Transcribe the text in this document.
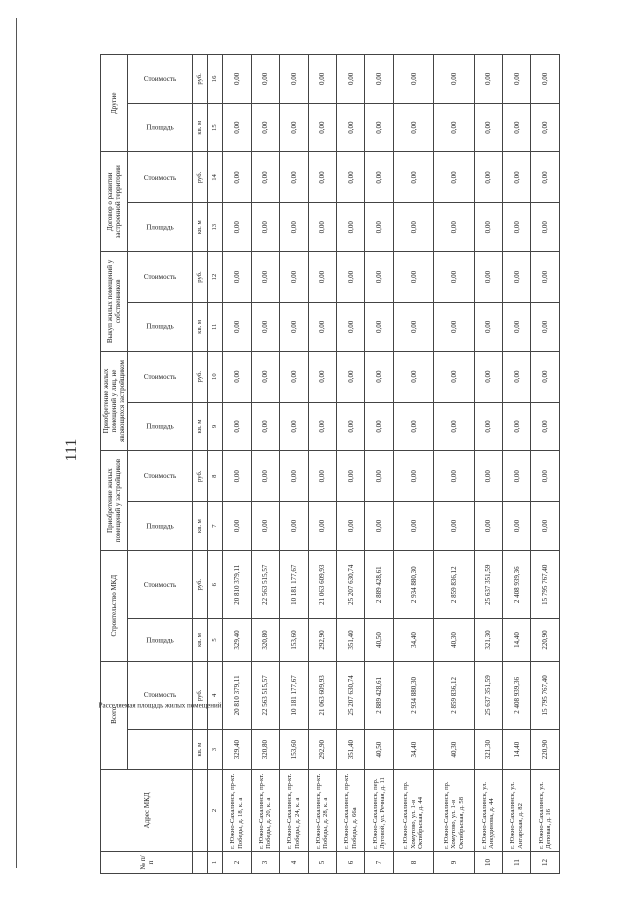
111
№ п/п	Адрес МКД	Всего		Строительство МКД		Приобретение жилых помещений у застройщиков		Приобретение жилых помещений у лиц, не являющихся застройщиком		Выкуп жилых помещений у собственников		Договор о развитии застроенной территории		Другие	
		Расселяемая площадь жилых помещений	Стоимость	Площадь	Стоимость	Площадь	Стоимость	Площадь	Стоимость	Площадь	Стоимость	Площадь	Стоимость	Площадь	Стоимость
		кв. м	руб.	кв. м	руб.	кв. м	руб.	кв. м	руб.	кв. м	руб.	кв. м	руб.	кв. м	руб.
1	2	3	4	5	6	7	8	9	10	11	12	13	14	15	16
2	г. Южно-Сахалинск, пр-кт. Победы, д. 18, к. а	329,40	20 810 379,11	329,40	20 810 379,11	0,00	0,00	0,00	0,00	0,00	0,00	0,00	0,00	0,00	0,00
3	г. Южно-Сахалинск, пр-кт. Победы, д. 20, к. а	320,80	22 563 515,57	320,80	22 563 515,57	0,00	0,00	0,00	0,00	0,00	0,00	0,00	0,00	0,00	0,00
4	г. Южно-Сахалинск, пр-кт. Победы, д. 24, к. а	153,60	10 181 177,67	153,60	10 181 177,67	0,00	0,00	0,00	0,00	0,00	0,00	0,00	0,00	0,00	0,00
5	г. Южно-Сахалинск, пр-кт. Победы, д. 28, к. а	292,90	21 063 609,93	292,90	21 063 609,93	0,00	0,00	0,00	0,00	0,00	0,00	0,00	0,00	0,00	0,00
6	г. Южно-Сахалинск, пр-кт. Победы, д. 66а	351,40	25 207 630,74	351,40	25 207 630,74	0,00	0,00	0,00	0,00	0,00	0,00	0,00	0,00	0,00	0,00
7	г. Южно-Сахалинск, пер. Луговой, ул. Речная, д. 11	40,50	2 889 428,61	40,50	2 889 428,61	0,00	0,00	0,00	0,00	0,00	0,00	0,00	0,00	0,00	0,00
8	г. Южно-Сахалинск, пр. Хомутово, ул. 1-я Октябрьская, д. 44	34,40	2 934 880,30	34,40	2 934 880,30	0,00	0,00	0,00	0,00	0,00	0,00	0,00	0,00	0,00	0,00
9	г. Южно-Сахалинск, пр. Хомутово, ул. 1-я Октябрьская, д. 58	40,30	2 859 836,12	40,30	2 859 836,12	0,00	0,00	0,00	0,00	0,00	0,00	0,00	0,00	0,00	0,00
10	г. Южно-Сахалинск, ул. Анкудинова, д. 44	321,30	25 637 351,59	321,30	25 637 351,59	0,00	0,00	0,00	0,00	0,00	0,00	0,00	0,00	0,00	0,00
11	г. Южно-Сахалинск, ул. Ангарская, д. 82	14,40	2 408 939,36	14,40	2 408 939,36	0,00	0,00	0,00	0,00	0,00	0,00	0,00	0,00	0,00	0,00
12	г. Южно-Сахалинск, ул. Деповая, д. 16	220,90	15 795 767,40	220,90	15 795 767,40	0,00	0,00	0,00	0,00	0,00	0,00	0,00	0,00	0,00	0,00
